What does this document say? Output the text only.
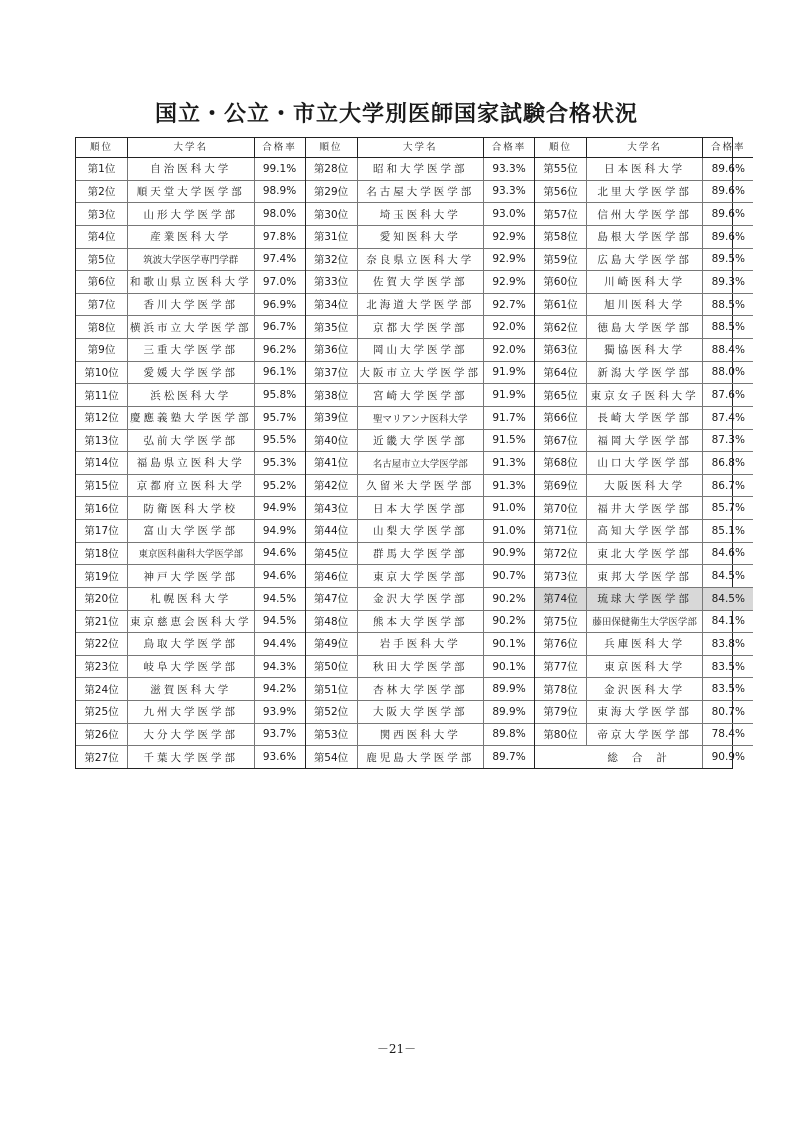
国立・公立・市立大学別医師国家試験合格状況
順位	大学名	合格率
第1位	自治医科大学	99.1%
第2位	順天堂大学医学部	98.9%
第3位	山形大学医学部	98.0%
第4位	産業医科大学	97.8%
第5位	筑波大学医学専門学群	97.4%
第6位	和歌山県立医科大学	97.0%
第7位	香川大学医学部	96.9%
第8位	横浜市立大学医学部	96.7%
第9位	三重大学医学部	96.2%
第10位	愛媛大学医学部	96.1%
第11位	浜松医科大学	95.8%
第12位	慶應義塾大学医学部	95.7%
第13位	弘前大学医学部	95.5%
第14位	福島県立医科大学	95.3%
第15位	京都府立医科大学	95.2%
第16位	防衛医科大学校	94.9%
第17位	富山大学医学部	94.9%
第18位	東京医科歯科大学医学部	94.6%
第19位	神戸大学医学部	94.6%
第20位	札幌医科大学	94.5%
第21位	東京慈恵会医科大学	94.5%
第22位	鳥取大学医学部	94.4%
第23位	岐阜大学医学部	94.3%
第24位	滋賀医科大学	94.2%
第25位	九州大学医学部	93.9%
第26位	大分大学医学部	93.7%
第27位	千葉大学医学部	93.6%
順位	大学名	合格率
第28位	昭和大学医学部	93.3%
第29位	名古屋大学医学部	93.3%
第30位	埼玉医科大学	93.0%
第31位	愛知医科大学	92.9%
第32位	奈良県立医科大学	92.9%
第33位	佐賀大学医学部	92.9%
第34位	北海道大学医学部	92.7%
第35位	京都大学医学部	92.0%
第36位	岡山大学医学部	92.0%
第37位	大阪市立大学医学部	91.9%
第38位	宮崎大学医学部	91.9%
第39位	聖マリアンナ医科大学	91.7%
第40位	近畿大学医学部	91.5%
第41位	名古屋市立大学医学部	91.3%
第42位	久留米大学医学部	91.3%
第43位	日本大学医学部	91.0%
第44位	山梨大学医学部	91.0%
第45位	群馬大学医学部	90.9%
第46位	東京大学医学部	90.7%
第47位	金沢大学医学部	90.2%
第48位	熊本大学医学部	90.2%
第49位	岩手医科大学	90.1%
第50位	秋田大学医学部	90.1%
第51位	杏林大学医学部	89.9%
第52位	大阪大学医学部	89.9%
第53位	関西医科大学	89.8%
第54位	鹿児島大学医学部	89.7%
順位	大学名	合格率
第55位	日本医科大学	89.6%
第56位	北里大学医学部	89.6%
第57位	信州大学医学部	89.6%
第58位	島根大学医学部	89.6%
第59位	広島大学医学部	89.5%
第60位	川崎医科大学	89.3%
第61位	旭川医科大学	88.5%
第62位	徳島大学医学部	88.5%
第63位	獨協医科大学	88.4%
第64位	新潟大学医学部	88.0%
第65位	東京女子医科大学	87.6%
第66位	長崎大学医学部	87.4%
第67位	福岡大学医学部	87.3%
第68位	山口大学医学部	86.8%
第69位	大阪医科大学	86.7%
第70位	福井大学医学部	85.7%
第71位	高知大学医学部	85.1%
第72位	東北大学医学部	84.6%
第73位	東邦大学医学部	84.5%
第74位	琉球大学医学部	84.5%
第75位	藤田保健衛生大学医学部	84.1%
第76位	兵庫医科大学	83.8%
第77位	東京医科大学	83.5%
第78位	金沢医科大学	83.5%
第79位	東海大学医学部	80.7%
第80位	帝京大学医学部	78.4%
総合計	90.9%
－21－
